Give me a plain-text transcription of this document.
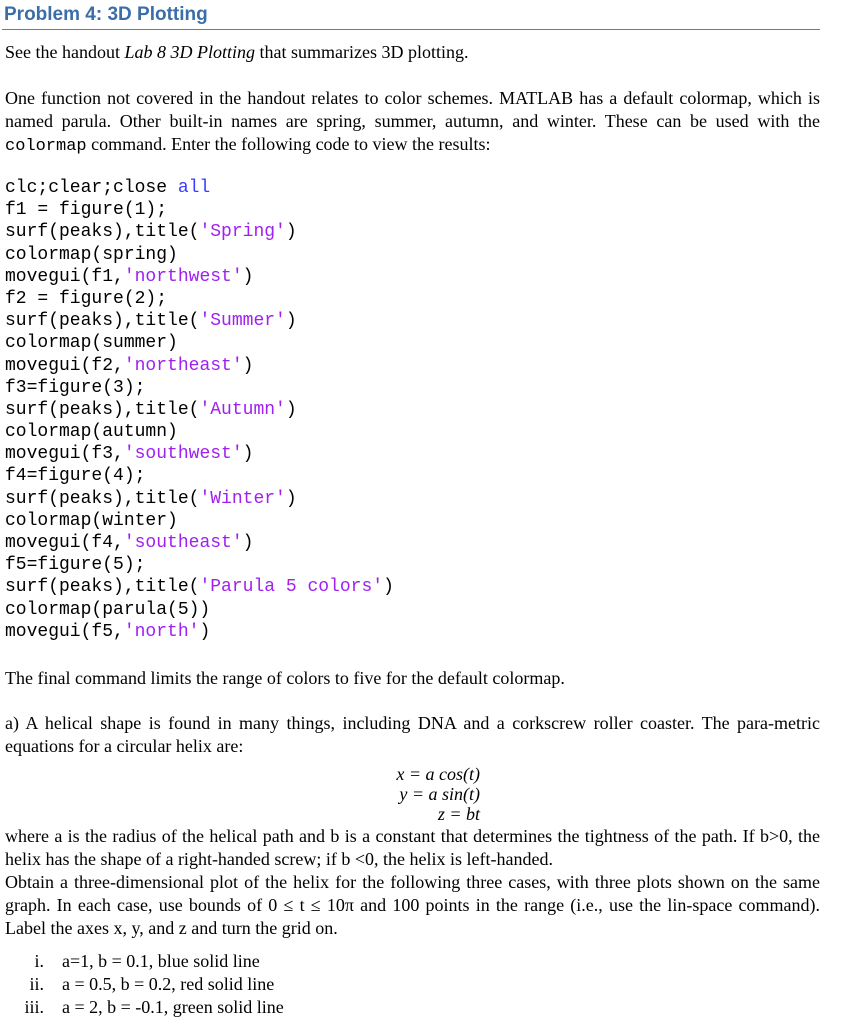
Problem 4: 3D Plotting

See the handout Lab 8 3D Plotting that summarizes 3D plotting.

One function not covered in the handout relates to color schemes. MATLAB has a default colormap, which is named parula. Other built-in names are spring, summer, autumn, and winter. These can be used with the colormap command. Enter the following code to view the results:

clc;clear;close all
f1 = figure(1);
surf(peaks),title('Spring')
colormap(spring)
movegui(f1,'northwest')
f2 = figure(2);
surf(peaks),title('Summer')
colormap(summer)
movegui(f2,'northeast')
f3=figure(3);
surf(peaks),title('Autumn')
colormap(autumn)
movegui(f3,'southwest')
f4=figure(4);
surf(peaks),title('Winter')
colormap(winter)
movegui(f4,'southeast')
f5=figure(5);
surf(peaks),title('Parula 5 colors')
colormap(parula(5))
movegui(f5,'north')

The final command limits the range of colors to five for the default colormap.

a) A helical shape is found in many things, including DNA and a corkscrew roller coaster. The para-metric equations for a circular helix are:

x = a cos(t)
y = a sin(t)
z = bt

where a is the radius of the helical path and b is a constant that determines the tightness of the path. If b>0, the helix has the shape of a right-handed screw; if b <0, the helix is left-handed.

Obtain a three-dimensional plot of the helix for the following three cases, with three plots shown on the same graph. In each case, use bounds of 0 ≤ t ≤ 10π and 100 points in the range (i.e., use the lin-space command). Label the axes x, y, and z and turn the grid on.

i. a=1, b = 0.1, blue solid line
ii. a = 0.5, b = 0.2, red solid line
iii. a = 2, b = -0.1, green solid line
